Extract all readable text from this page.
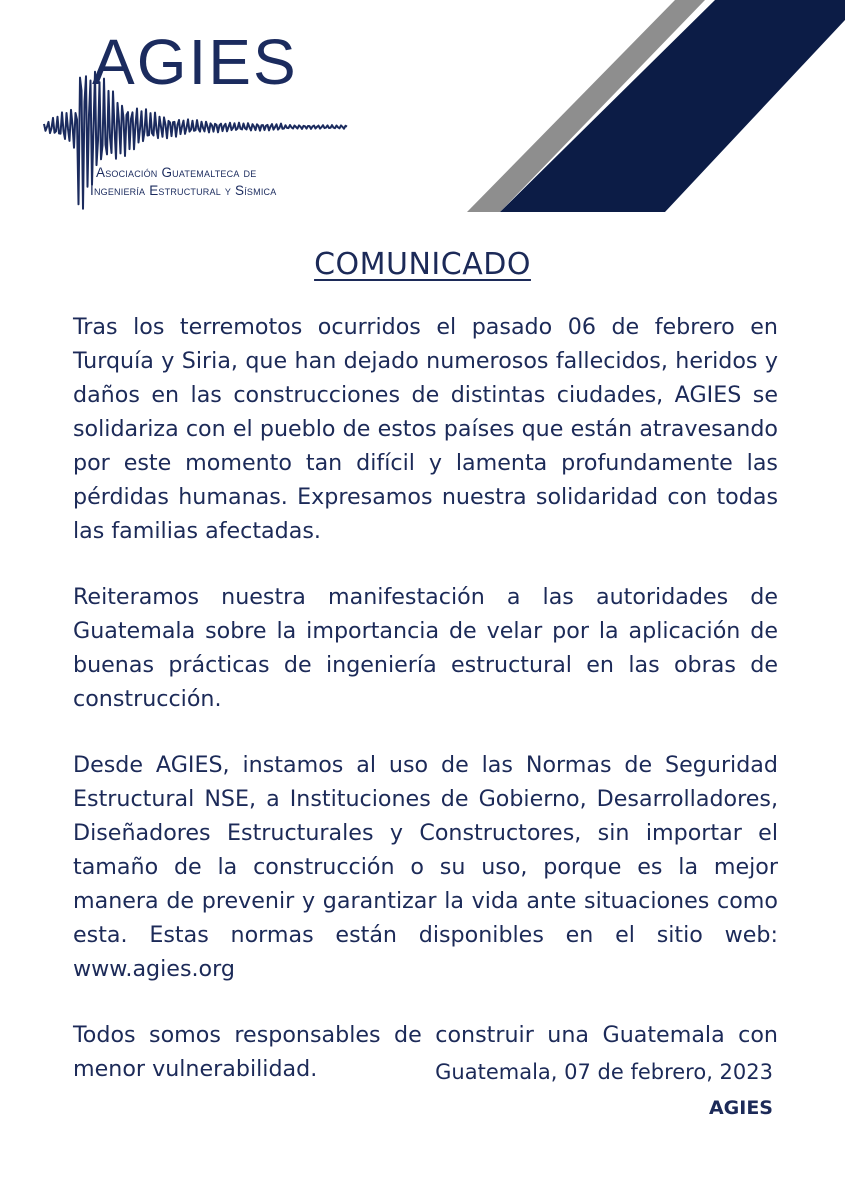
AGIES
Asociación Guatemalteca de
Ingeniería Estructural y Sísmica
COMUNICADO

Tras los terremotos ocurridos el pasado 06 de febrero en Turquía y Siria, que han dejado numerosos fallecidos, heridos y daños en las construcciones de distintas ciudades, AGIES se solidariza con el pueblo de estos países que están atravesando por este momento tan difícil y lamenta profundamente las pérdidas humanas. Expresamos nuestra solidaridad con todas las familias afectadas.

Reiteramos nuestra manifestación a las autoridades de Guatemala sobre la importancia de velar por la aplicación de buenas prácticas de ingeniería estructural en las obras de construcción.

Desde AGIES, instamos al uso de las Normas de Seguridad Estructural NSE, a Instituciones de Gobierno, Desarrolladores, Diseñadores Estructurales y Constructores, sin importar el tamaño de la construcción o su uso, porque es la mejor manera de prevenir y garantizar la vida ante situaciones como esta. Estas normas están disponibles en el sitio web: www.agies.org

Todos somos responsables de construir una Guatemala con menor vulnerabilidad.	Guatemala, 07 de febrero, 2023
AGIES
